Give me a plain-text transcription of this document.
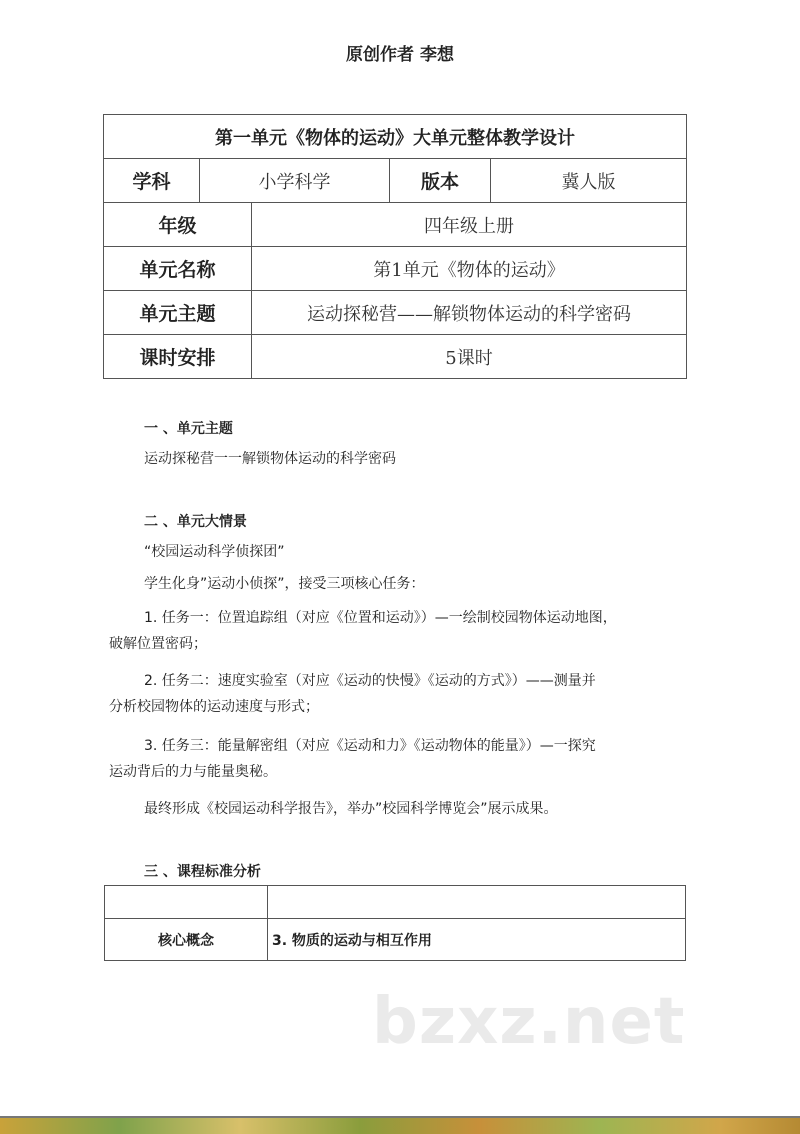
原创作者 李想
第一单元《物体的运动》大单元整体教学设计				
学科	小学科学		版本	冀人版
年级		四年级上册		
单元名称		第1单元《物体的运动》		
单元主题		运动探秘营——解锁物体运动的科学密码		
课时安排		5课时		
一 、单元主题
运动探秘营一一解锁物体运动的科学密码
二 、单元大情景
“校园运动科学侦探团”
学生化身”运动小侦探”，接受三项核心任务：
1. 任务一：位置追踪组（对应《位置和运动》）—一绘制校园物体运动地图，
破解位置密码；
2. 任务二：速度实验室（对应《运动的快慢》《运动的方式》）——测量并
分析校园物体的运动速度与形式；
3. 任务三：能量解密组（对应《运动和力》《运动物体的能量》）—一探究
运动背后的力与能量奥秘。
最终形成《校园运动科学报告》，举办”校园科学博览会”展示成果。
三 、课程标准分析

核心概念	3. 物质的运动与相互作用
bzxz.net
